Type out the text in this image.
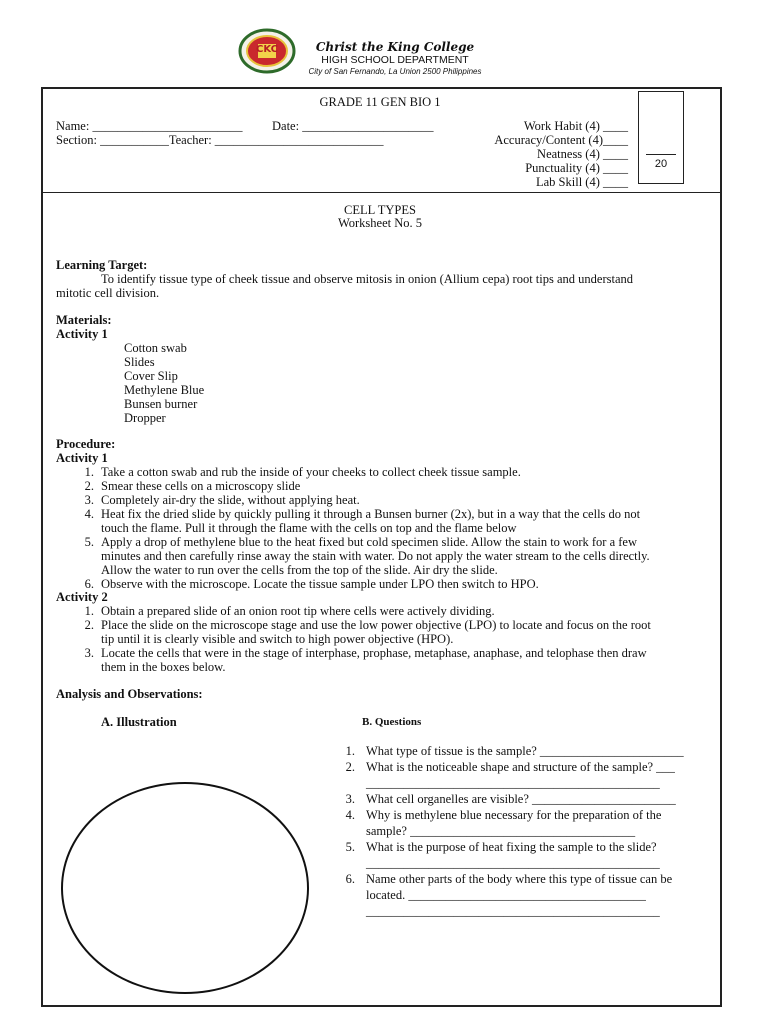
CKC	Christ the King College
HIGH SCHOOL DEPARTMENT
City of San Fernando, La Union 2500 Philippines
GRADE 11 GEN BIO 1
Name: ________________________ Date: _____________________
Section: ___________Teacher: ___________________________
Work Habit (4) ____
Accuracy/Content (4)____
Neatness (4) ____
Punctuality (4) ____
Lab Skill (4) ____
20
CELL TYPES
Worksheet No. 5
Learning Target:
To identify tissue type of cheek tissue and observe mitosis in onion (Allium cepa) root tips and understand
mitotic cell division.
Materials:
Activity 1
Cotton swab
Slides
Cover Slip
Methylene Blue
Bunsen burner
Dropper
Procedure:
Activity 1
1. Take a cotton swab and rub the inside of your cheeks to collect cheek tissue sample.
2. Smear these cells on a microscopy slide
3. Completely air-dry the slide, without applying heat.
4. Heat fix the dried slide by quickly pulling it through a Bunsen burner (2x), but in a way that the cells do not
touch the flame. Pull it through the flame with the cells on top and the flame below
5. Apply a drop of methylene blue to the heat fixed but cold specimen slide. Allow the stain to work for a few
minutes and then carefully rinse away the stain with water. Do not apply the water stream to the cells directly.
Allow the water to run over the cells from the top of the slide. Air dry the slide.
6. Observe with the microscope. Locate the tissue sample under LPO then switch to HPO.
Activity 2
1. Obtain a prepared slide of an onion root tip where cells were actively dividing.
2. Place the slide on the microscope stage and use the low power objective (LPO) to locate and focus on the root
tip until it is clearly visible and switch to high power objective (HPO).
3. Locate the cells that were in the stage of interphase, prophase, metaphase, anaphase, and telophase then draw
them in the boxes below.
Analysis and Observations:
A. Illustration	B. Questions
1. What type of tissue is the sample? _______________________
2. What is the noticeable shape and structure of the sample? ___
_______________________________________________
3. What cell organelles are visible? _______________________
4. Why is methylene blue necessary for the preparation of the
sample? ____________________________________
5. What is the purpose of heat fixing the sample to the slide?
_______________________________________________
6. Name other parts of the body where this type of tissue can be
located. ______________________________________
_______________________________________________
